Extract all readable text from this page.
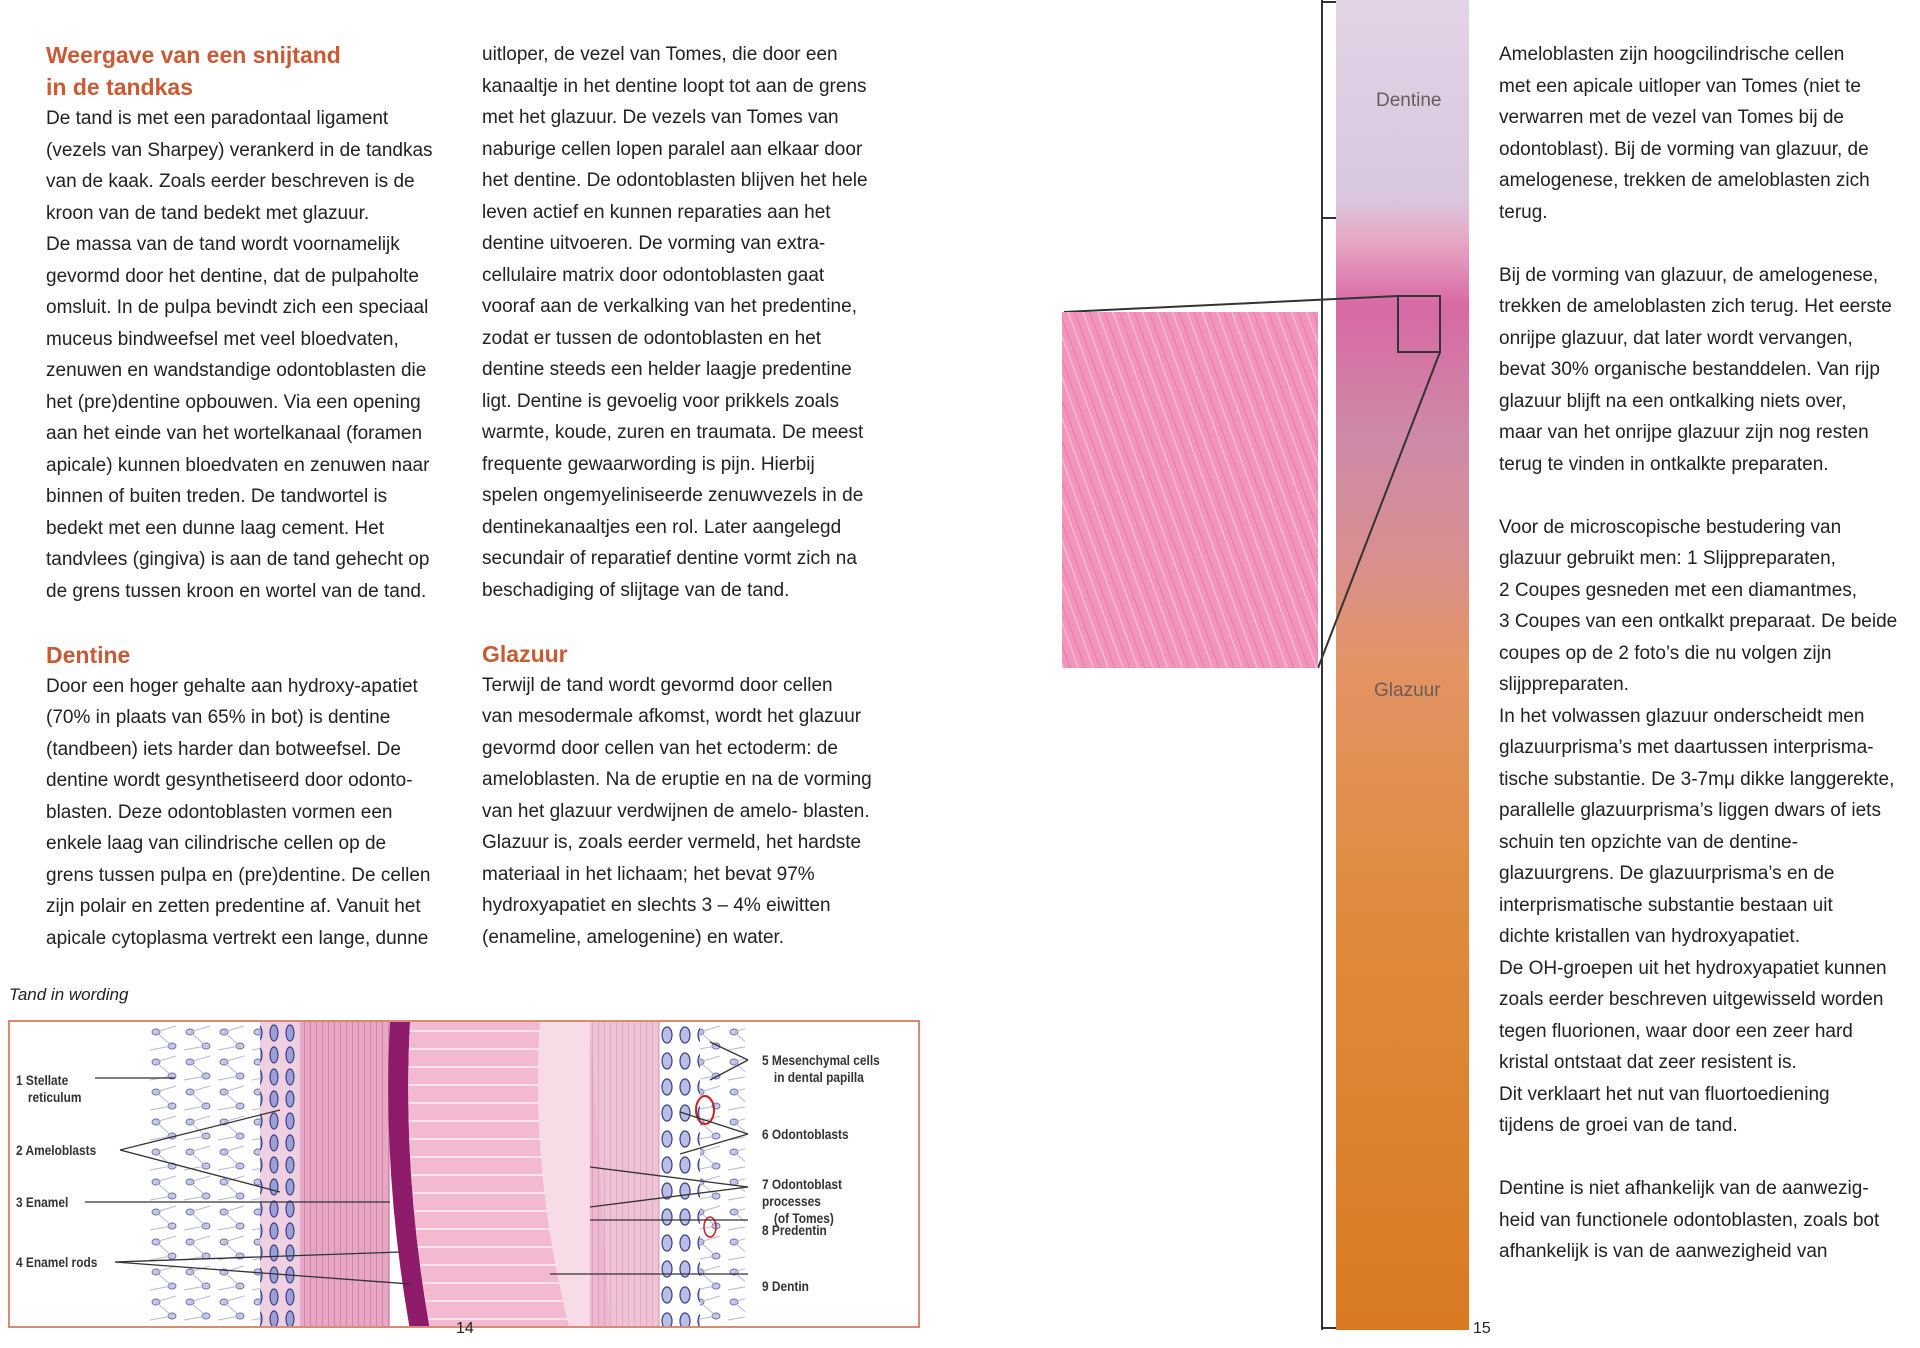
Weergave van een snijtand

in de tandkas

De tand is met een paradontaal ligament

(vezels van Sharpey) verankerd in de tandkas

van de kaak. Zoals eerder beschreven is de

kroon van de tand bedekt met glazuur.

De massa van de tand wordt voornamelijk

gevormd door het dentine, dat de pulpaholte

omsluit. In de pulpa bevindt zich een speciaal

muceus bindweefsel met veel bloedvaten,

zenuwen en wandstandige odontoblasten die

het (pre)dentine opbouwen. Via een opening

aan het einde van het wortelkanaal (foramen

apicale) kunnen bloedvaten en zenuwen naar

binnen of buiten treden. De tandwortel is

bedekt met een dunne laag cement. Het

tandvlees (gingiva) is aan de tand gehecht op

de grens tussen kroon en wortel van de tand.

Dentine

Door een hoger gehalte aan hydroxy-apatiet

(70% in plaats van 65% in bot) is dentine

(tandbeen) iets harder dan botweefsel. De

dentine wordt gesynthetiseerd door odonto-

blasten. Deze odontoblasten vormen een

enkele laag van cilindrische cellen op de

grens tussen pulpa en (pre)dentine. De cellen

zijn polair en zetten predentine af. Vanuit het

apicale cytoplasma vertrekt een lange, dunne

uitloper, de vezel van Tomes, die door een

kanaaltje in het dentine loopt tot aan de grens

met het glazuur. De vezels van Tomes van

naburige cellen lopen paralel aan elkaar door

het dentine. De odontoblasten blijven het hele

leven actief en kunnen reparaties aan het

dentine uitvoeren. De vorming van extra-

cellulaire matrix door odontoblasten gaat

vooraf aan de verkalking van het predentine,

zodat er tussen de odontoblasten en het

dentine steeds een helder laagje predentine

ligt. Dentine is gevoelig voor prikkels zoals

warmte, koude, zuren en traumata. De meest

frequente gewaarwording is pijn. Hierbij

spelen ongemyeliniseerde zenuwvezels in de

dentinekanaaltjes een rol. Later aangelegd

secundair of reparatief dentine vormt zich na

beschadiging of slijtage van de tand.

Glazuur

Terwijl de tand wordt gevormd door cellen

van mesodermale afkomst, wordt het glazuur

gevormd door cellen van het ectoderm: de

ameloblasten. Na de eruptie en na de vorming

van het glazuur verdwijnen de amelo- blasten.

Glazuur is, zoals eerder vermeld, het hardste

materiaal in het lichaam; het bevat 97%

hydroxyapatiet en slechts 3 – 4% eiwitten

(enameline, amelogenine) en water.

Tand in wording
1 Stellate
reticulum
2 Ameloblasts
3 Enamel
4 Enamel rods
5 Mesenchymal cells
in dental papilla
6 Odontoblasts
7 Odontoblast processes
(of Tomes)
8 Predentin
9 Dentin
14
Dentine
Glazuur

Ameloblasten zijn hoogcilindrische cellen

met een apicale uitloper van Tomes (niet te

verwarren met de vezel van Tomes bij de

odontoblast). Bij de vorming van glazuur, de

amelogenese, trekken de ameloblasten zich

terug.

Bij de vorming van glazuur, de amelogenese,

trekken de ameloblasten zich terug. Het eerste

onrijpe glazuur, dat later wordt vervangen,

bevat 30% organische bestanddelen. Van rijp

glazuur blijft na een ontkalking niets over,

maar van het onrijpe glazuur zijn nog resten

terug te vinden in ontkalkte preparaten.

Voor de microscopische bestudering van

glazuur gebruikt men: 1 Slijppreparaten,

2 Coupes gesneden met een diamantmes,

3 Coupes van een ontkalkt preparaat. De beide

coupes op de 2 foto’s die nu volgen zijn

slijppreparaten.

In het volwassen glazuur onderscheidt men

glazuurprisma’s met daartussen interprisma-

tische substantie. De 3-7mμ dikke langgerekte,

parallelle glazuurprisma’s liggen dwars of iets

schuin ten opzichte van de dentine-

glazuurgrens. De glazuurprisma’s en de

interprismatische substantie bestaan uit

dichte kristallen van hydroxyapatiet.

De OH-groepen uit het hydroxyapatiet kunnen

zoals eerder beschreven uitgewisseld worden

tegen fluorionen, waar door een zeer hard

kristal ontstaat dat zeer resistent is.

Dit verklaart het nut van fluortoediening

tijdens de groei van de tand.

Dentine is niet afhankelijk van de aanwezig-

heid van functionele odontoblasten, zoals bot

afhankelijk is van de aanwezigheid van

15
